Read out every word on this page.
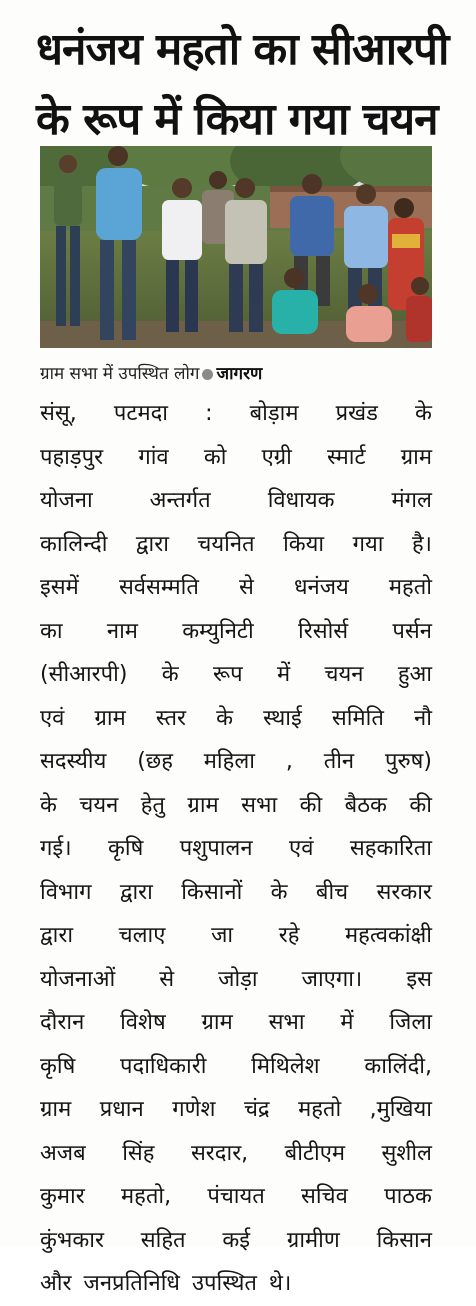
धनंजय महतो का सीआरपी
के रूप में किया गया चयन
ग्राम सभा में उपस्थित लोग जागरण
संसू, पटमदा : बोड़ाम प्रखंड के
पहाड़पुर गांव को एग्री स्मार्ट ग्राम
योजना	अन्तर्गत	विधायक	मंगल
कालिन्दी द्वारा चयनित किया गया है।
इसमें सर्वसम्मति से धनंजय महतो
का नाम कम्युनिटी रिसोर्स पर्सन
(सीआरपी) के रूप में चयन हुआ
एवं ग्राम स्तर के स्थाई समिति नौ
सदस्यीय (छह महिला , तीन पुरुष)
के चयन हेतु ग्राम सभा की बैठक की
गई। कृषि पशुपालन एवं सहकारिता
विभाग द्वारा किसानों के बीच सरकार
द्वारा चलाए जा रहे महत्वकांक्षी
योजनाओं से जोड़ा जाएगा। इस
दौरान विशेष ग्राम सभा में जिला
कृषि पदाधिकारी मिथिलेश कालिंदी,
ग्राम प्रधान गणेश चंद्र महतो ,मुखिया
अजब सिंह सरदार, बीटीएम सुशील
कुमार महतो, पंचायत सचिव पाठक
कुंभकार सहित कई ग्रामीण किसान
और जनप्रतिनिधि उपस्थित थे।
